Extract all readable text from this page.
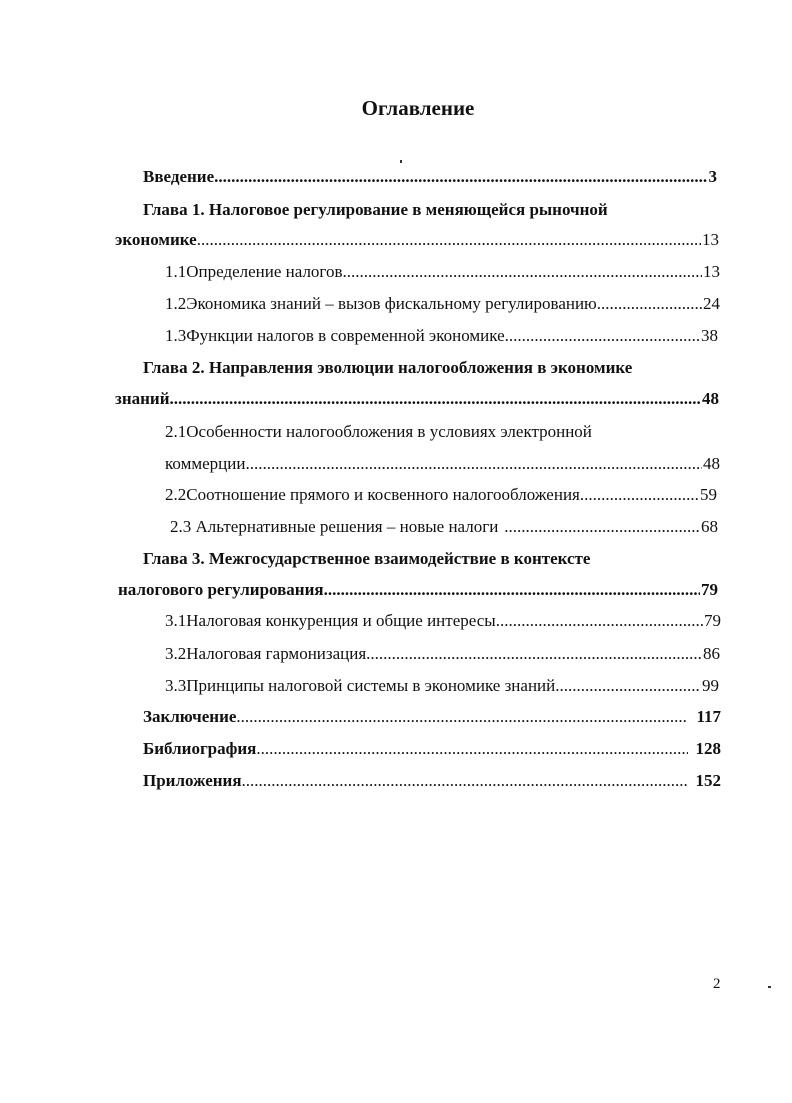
Оглавление
Введение .....	3
Глава 1. Налоговое регулирование в меняющейся рыночной
экономике .....	13
1.1Определение налогов .....	13
1.2Экономика знаний – вызов фискальному регулированию .....	24
1.3Функции налогов в современной экономике .....	38
Глава 2. Направления эволюции налогообложения в экономике
знаний .....	48
2.1Особенности налогообложения в условиях электронной
коммерции .....	48
2.2Соотношение прямого и косвенного налогообложения .....	59
2.3 Альтернативные решения – новые налоги .....	68
Глава 3. Межгосударственное взаимодействие в контексте
налогового регулирования .....	79
3.1Налоговая конкуренция и общие интересы .....	79
3.2Налоговая гармонизация .....	86
3.3Принципы налоговой системы в экономике знаний .....	99
Заключение .....	117
Библиография .....	128
Приложения .....	152
2
